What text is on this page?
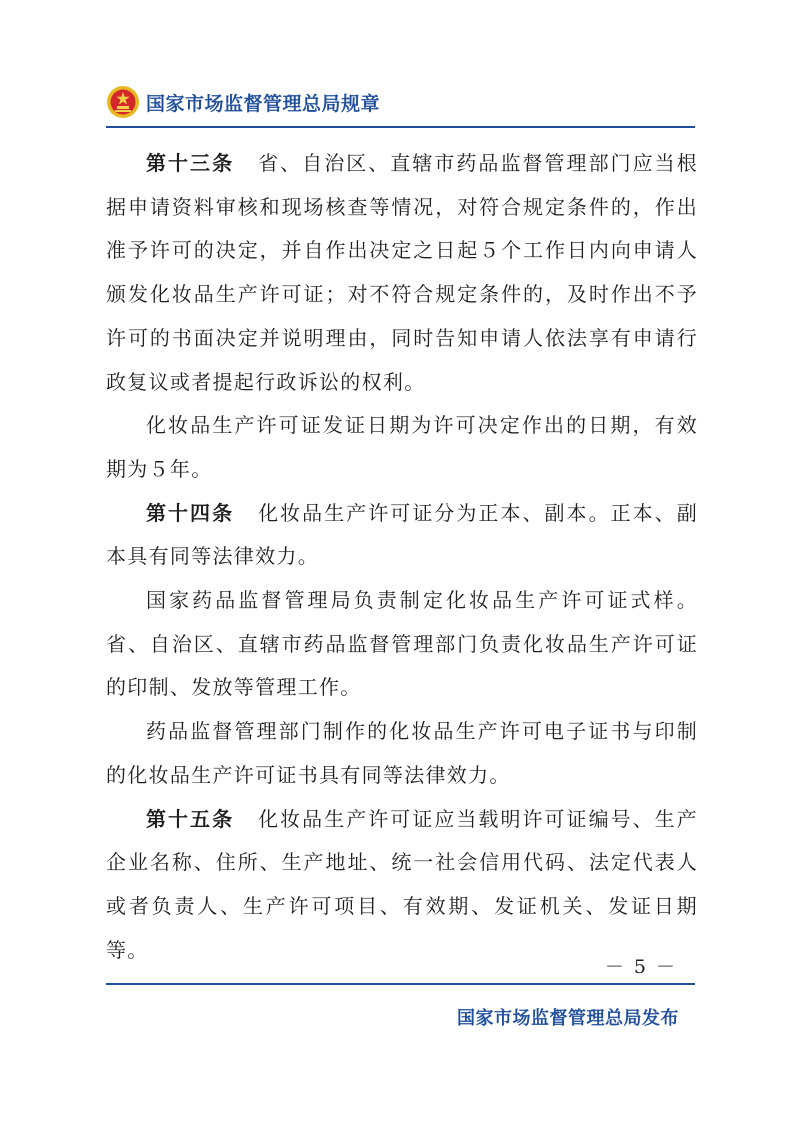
国家市场监督管理总局规章

第十三条 省、自治区、直辖市药品监督管理部门应当根据申请资料审核和现场核查等情况，对符合规定条件的，作出准予许可的决定，并自作出决定之日起５个工作日内向申请人颁发化妆品生产许可证；对不符合规定条件的，及时作出不予许可的书面决定并说明理由，同时告知申请人依法享有申请行政复议或者提起行政诉讼的权利。

化妆品生产许可证发证日期为许可决定作出的日期，有效期为５年。

第十四条 化妆品生产许可证分为正本、副本。正本、副本具有同等法律效力。

国家药品监督管理局负责制定化妆品生产许可证式样。省、自治区、直辖市药品监督管理部门负责化妆品生产许可证的印制、发放等管理工作。

药品监督管理部门制作的化妆品生产许可电子证书与印制的化妆品生产许可证书具有同等法律效力。

第十五条 化妆品生产许可证应当载明许可证编号、生产企业名称、住所、生产地址、统一社会信用代码、法定代表人或者负责人、生产许可项目、有效期、发证机关、发证日期等。

－ 5 －
国家市场监督管理总局发布
